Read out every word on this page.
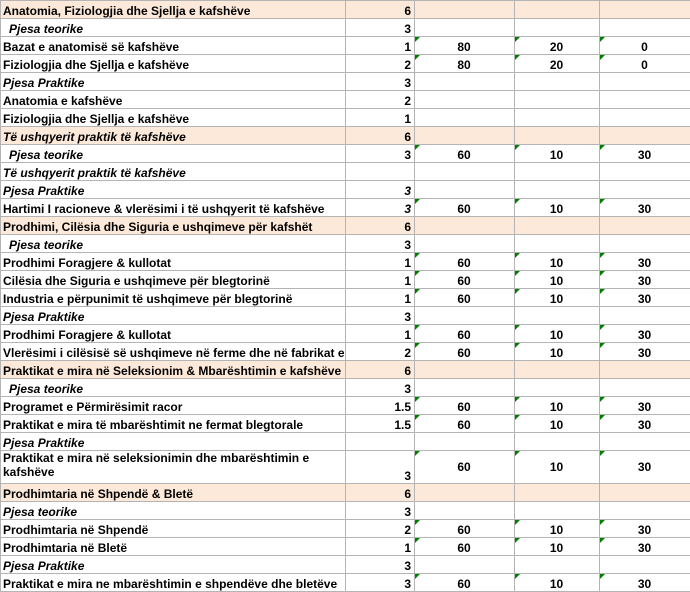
Anatomia, Fiziologjia dhe Sjellja e kafshëve	6			
Pjesa teorike	3			
Bazat e anatomisë së kafshëve	1	80	20	0
Fiziologjia dhe Sjellja e kafshëve	2	80	20	0
Pjesa Praktike	3			
Anatomia e kafshëve	2			
Fiziologjia dhe Sjellja e kafshëve	1			
Të ushqyerit praktik të kafshëve	6			
Pjesa teorike	3	60	10	30
Të ushqyerit praktik të kafshëve				
Pjesa Praktike	3			
Hartimi I racioneve & vlerësimi i të ushqyerit të kafshëve	3	60	10	30
Prodhimi, Cilësia dhe Siguria e ushqimeve për kafshët	6			
Pjesa teorike	3			
Prodhimi Foragjere & kullotat	1	60	10	30
Cilësia dhe Siguria e ushqimeve për blegtorinë	1	60	10	30
Industria e përpunimit të ushqimeve për blegtorinë	1	60	10	30
Pjesa Praktike	3			
Prodhimi Foragjere & kullotat	1	60	10	30
Vlerësimi i cilësisë së ushqimeve në ferme dhe në fabrikat e	2	60	10	30
Praktikat e mira në Seleksionim & Mbarështimin e kafshëve	6			
Pjesa teorike	3			
Programet e Përmirësimit racor	1.5	60	10	30
Praktikat e mira të mbarështimit ne fermat blegtorale	1.5	60	10	30
Pjesa Praktike				
Praktikat e mira në seleksionimin dhe mbarështimin e kafshëve	3	60	10	30
Prodhimtaria në Shpendë & Bletë	6			
Pjesa teorike	3			
Prodhimtaria në Shpendë	2	60	10	30
Prodhimtaria në Bletë	1	60	10	30
Pjesa Praktike	3			
Praktikat e mira ne mbarështimin e shpendëve dhe bletëve	3	60	10	30
